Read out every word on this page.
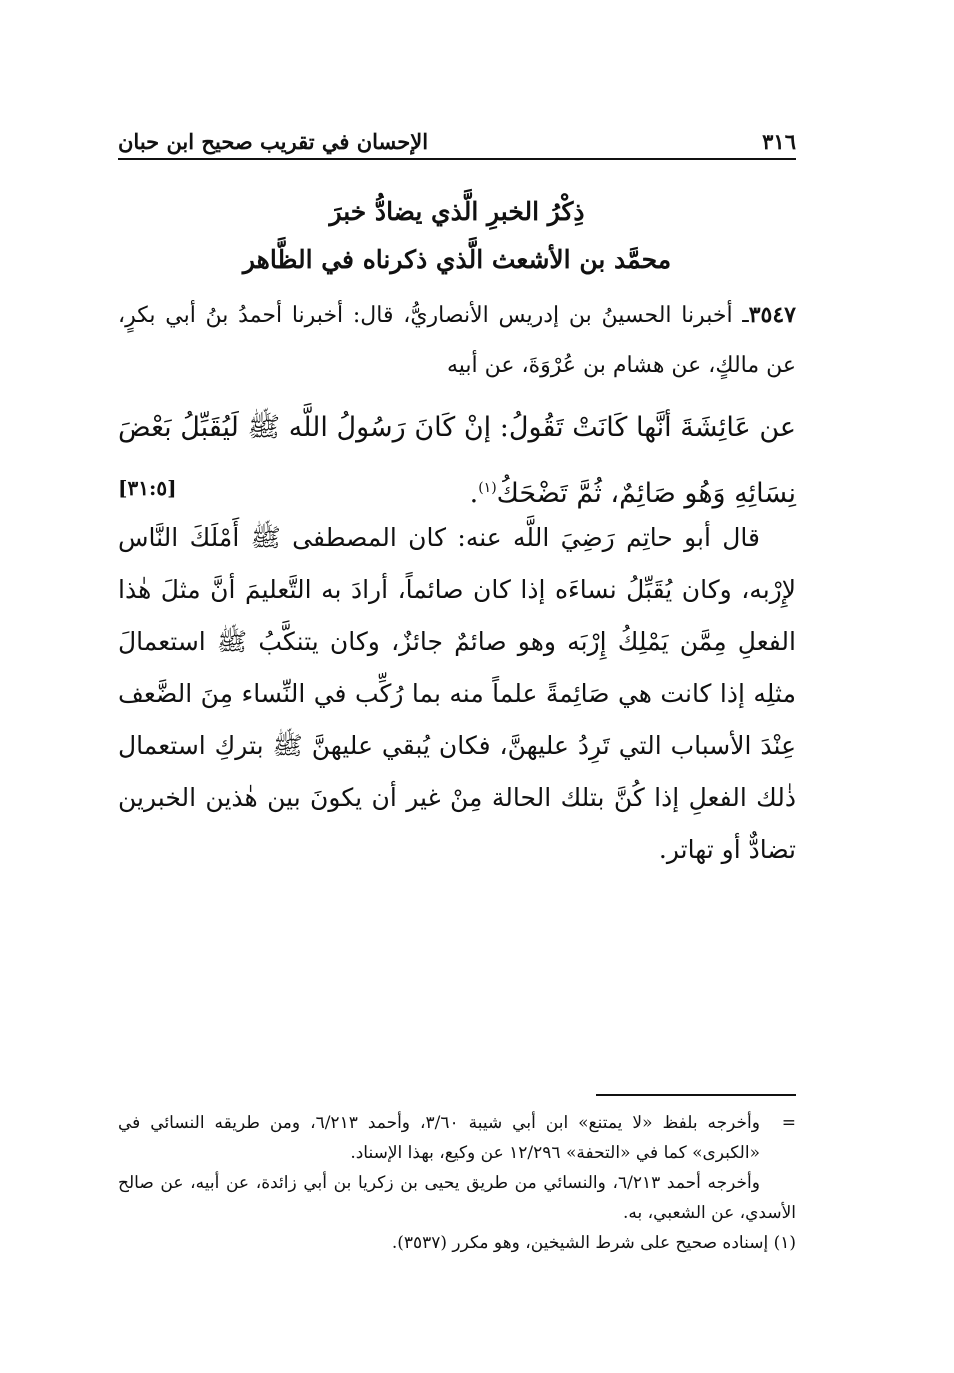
٣١٦
الإحسان في تقريب صحيح ابن حبان
ذِكْرُ الخبرِ الَّذي يضادُّ خبرَ
محمَّد بن الأشعث الَّذي ذكرناه في الظَّاهر

٣٥٤٧ـ أخبرنا الحسينُ بن إدريس الأنصاريُّ، قال: أخبرنا أحمدُ بنُ أبي بكرٍ، عن مالكٍ، عن هشام بن عُرْوَةَ، عن أبيه

عن عَائِشَةَ أنَّها كَانَتْ تَقُولُ: إنْ كَانَ رَسُولُ اللَّه ﷺ لَيُقَبِّلُ بَعْضَ نِسَائِهِ وَهُو صَائِمٌ، ثُمَّ تَضْحَكُ$^{(١)}$.
[٣١:٥]

قال أبو حاتِم رَضِيَ اللَّه عنه: كان المصطفى ﷺ أَمْلَكَ النَّاس لإِرْبه، وكان يُقَبِّلُ نساءَه إذا كان صائماً، أرادَ به التَّعليمَ أنَّ مثلَ هٰذا الفعلِ مِمَّن يَمْلِكُ إِرْبَه وهو صائمٌ جائزٌ، وكان يتنكَّبُ ﷺ استعمالَ مثلِه إذا كانت هي صَائِمةً علماً منه بما رُكِّب في النِّساء مِنَ الضَّعف عِنْدَ الأسباب التي تَرِدُ عليهنَّ، فكان يُبقي عليهنَّ ﷺ بتركِ استعمال ذٰلك الفعلِ إذا كُنَّ بتلك الحالة مِنْ غير أن يكونَ بين هٰذين الخبرين تضادٌّ أو تهاتر.

=
وأخرجه بلفظ «لا يمتنع» ابن أبي شيبة ٣/٦٠، وأحمد ٦/٢١٣، ومن طريقه النسائي في «الكبرى» كما في «التحفة» ١٢/٢٩٦ عن وكيع، بهذا الإسناد.

وأخرجه أحمد ٦/٢١٣، والنسائي من طريق يحيى بن زكريا بن أبي زائدة، عن أبيه، عن صالح الأسدي، عن الشعبي، به.

(١) إسناده صحيح على شرط الشيخين، وهو مكرر (٣٥٣٧).
